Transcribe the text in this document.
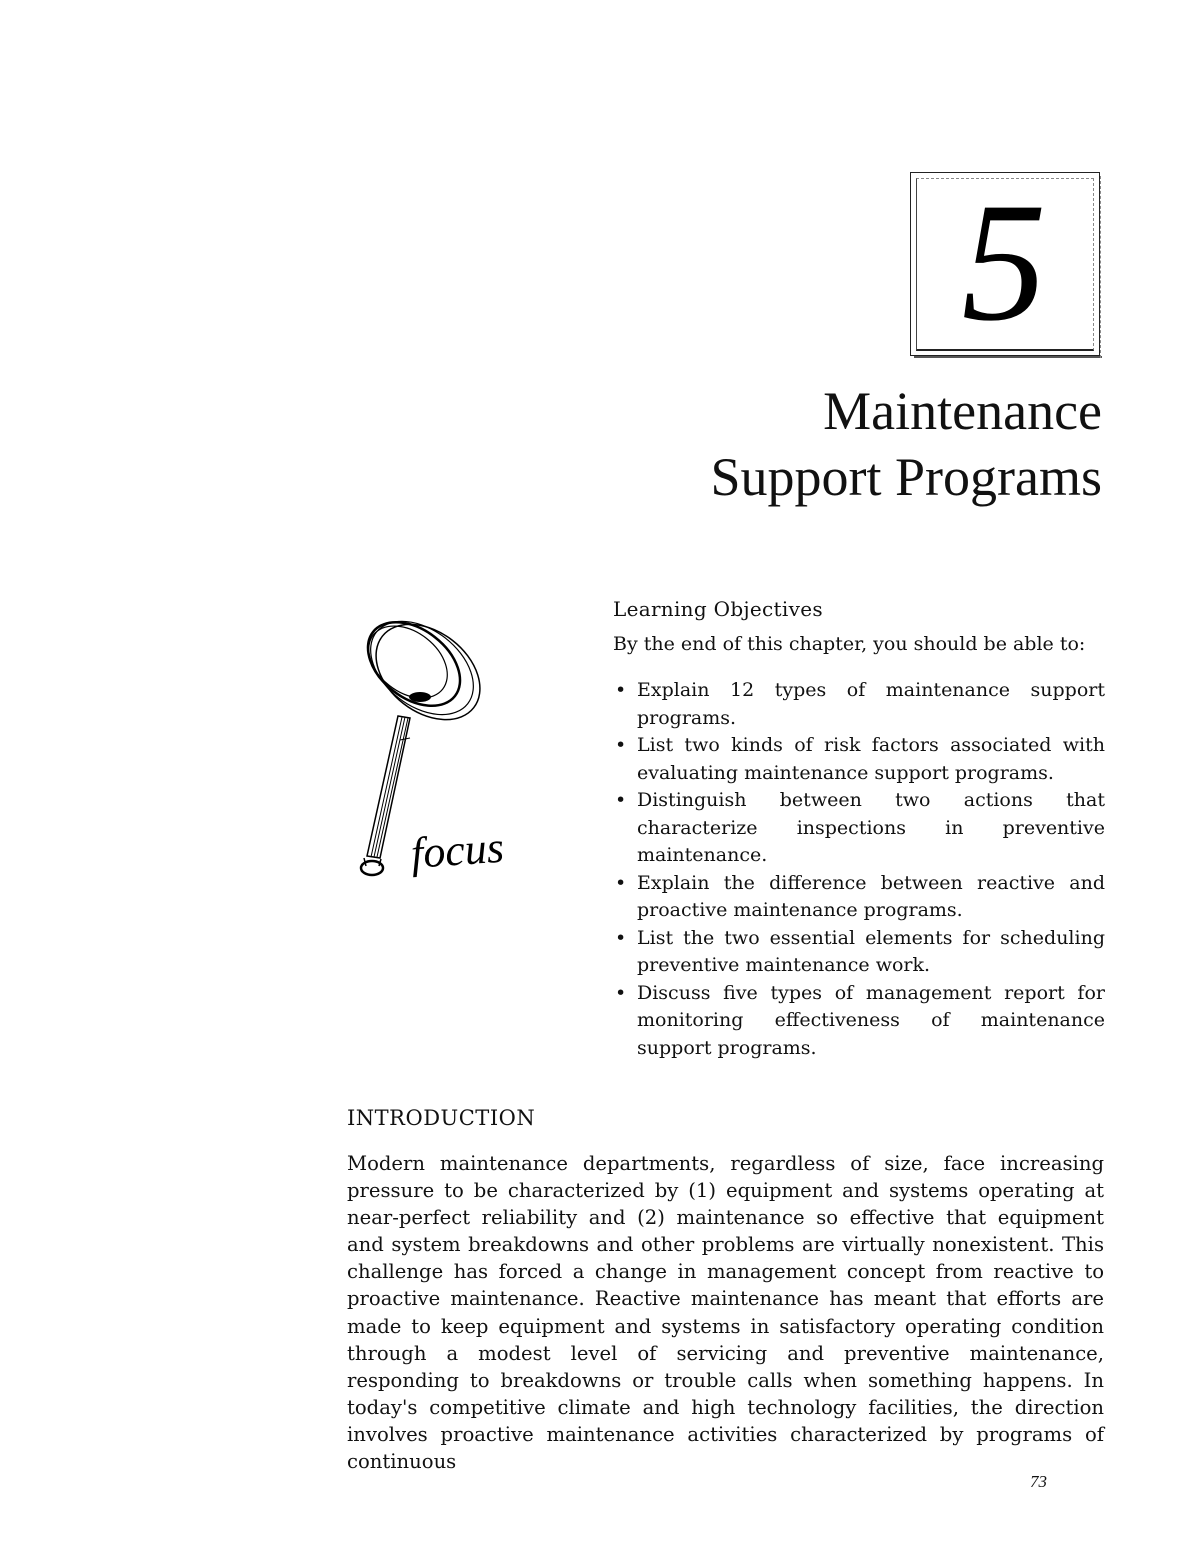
5
Maintenance
Support Programs
focus
Learning Objectives

By the end of this chapter, you should be able to:

• Explain 12 types of maintenance support programs.
• List two kinds of risk factors associated with evaluating maintenance support programs.
• Distinguish between two actions that characterize inspections in preventive maintenance.
• Explain the difference between reactive and proactive maintenance programs.
• List the two essential elements for scheduling preventive maintenance work.
• Discuss five types of management report for monitoring effectiveness of maintenance support programs.
INTRODUCTION

Modern maintenance departments, regardless of size, face increasing pressure to be characterized by (1) equipment and systems operating at near-perfect reliability and (2) maintenance so effective that equipment and system breakdowns and other problems are virtually nonexistent. This challenge has forced a change in management concept from reactive to proactive maintenance. Reactive maintenance has meant that efforts are made to keep equipment and systems in satisfactory operating condition through a modest level of servicing and preventive maintenance, responding to breakdowns or trouble calls when something happens. In today's competitive climate and high technology facilities, the direction involves proactive maintenance activities characterized by programs of continuous

73
